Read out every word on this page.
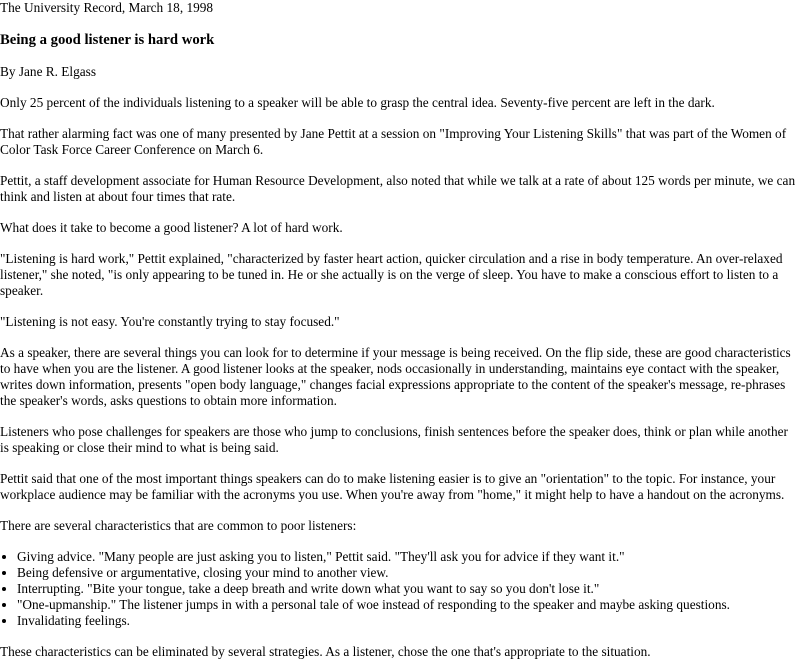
The University Record, March 18, 1998
Being a good listener is hard work

By Jane R. Elgass

Only 25 percent of the individuals listening to a speaker will be able to grasp the central idea. Seventy-five percent are left in the dark.

That rather alarming fact was one of many presented by Jane Pettit at a session on "Improving Your Listening Skills" that was part of the Women of Color Task Force Career Conference on March 6.

Pettit, a staff development associate for Human Resource Development, also noted that while we talk at a rate of about 125 words per minute, we can think and listen at about four times that rate.

What does it take to become a good listener? A lot of hard work.

"Listening is hard work," Pettit explained, "characterized by faster heart action, quicker circulation and a rise in body temperature. An over-relaxed listener," she noted, "is only appearing to be tuned in. He or she actually is on the verge of sleep. You have to make a conscious effort to listen to a speaker.

"Listening is not easy. You're constantly trying to stay focused."

As a speaker, there are several things you can look for to determine if your message is being received. On the flip side, these are good characteristics to have when you are the listener. A good listener looks at the speaker, nods occasionally in understanding, maintains eye contact with the speaker, writes down information, presents "open body language," changes facial expressions appropriate to the content of the speaker's message, re-phrases the speaker's words, asks questions to obtain more information.

Listeners who pose challenges for speakers are those who jump to conclusions, finish sentences before the speaker does, think or plan while another is speaking or close their mind to what is being said.

Pettit said that one of the most important things speakers can do to make listening easier is to give an "orientation" to the topic. For instance, your workplace audience may be familiar with the acronyms you use. When you're away from "home," it might help to have a handout on the acronyms.

There are several characteristics that are common to poor listeners:

• Giving advice. "Many people are just asking you to listen," Pettit said. "They'll ask you for advice if they want it."
• Being defensive or argumentative, closing your mind to another view.
• Interrupting. "Bite your tongue, take a deep breath and write down what you want to say so you don't lose it."
• "One-upmanship." The listener jumps in with a personal tale of woe instead of responding to the speaker and maybe asking questions.
• Invalidating feelings.

These characteristics can be eliminated by several strategies. As a listener, chose the one that's appropriate to the situation.
